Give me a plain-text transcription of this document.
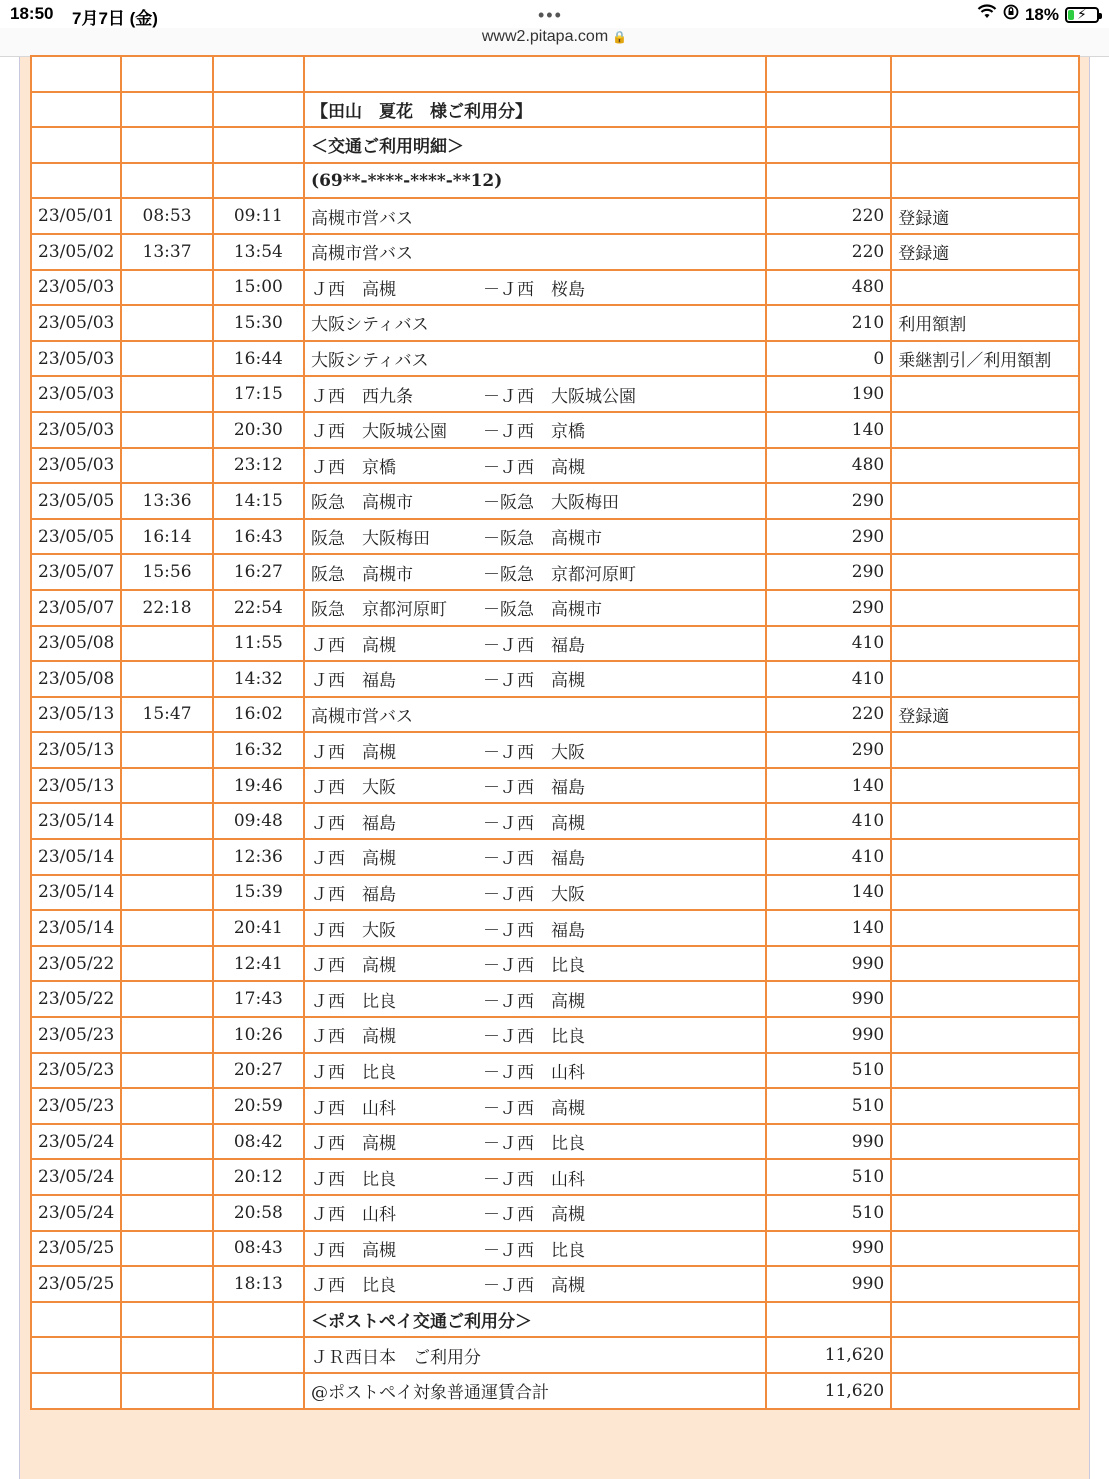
18:50 7月7日 (金)	•••	18% ⚡
www2.pitapa.com 🔒

			【田山　夏花　様ご利用分】		
			＜交通ご利用明細＞		
			(69**-****-****-**12)		
23/05/01	08:53	09:11	高槻市営バス	220	登録適
23/05/02	13:37	13:54	高槻市営バス	220	登録適
23/05/03		15:00	Ｊ西　高槻 －Ｊ西　桜島	480	
23/05/03		15:30	大阪シティバス	210	利用額割
23/05/03		16:44	大阪シティバス	0	乗継割引／利用額割
23/05/03		17:15	Ｊ西　西九条 －Ｊ西　大阪城公園	190	
23/05/03		20:30	Ｊ西　大阪城公園 －Ｊ西　京橋	140	
23/05/03		23:12	Ｊ西　京橋 －Ｊ西　高槻	480	
23/05/05	13:36	14:15	阪急　高槻市 －阪急　大阪梅田	290	
23/05/05	16:14	16:43	阪急　大阪梅田 －阪急　高槻市	290	
23/05/07	15:56	16:27	阪急　高槻市 －阪急　京都河原町	290	
23/05/07	22:18	22:54	阪急　京都河原町 －阪急　高槻市	290	
23/05/08		11:55	Ｊ西　高槻 －Ｊ西　福島	410	
23/05/08		14:32	Ｊ西　福島 －Ｊ西　高槻	410	
23/05/13	15:47	16:02	高槻市営バス	220	登録適
23/05/13		16:32	Ｊ西　高槻 －Ｊ西　大阪	290	
23/05/13		19:46	Ｊ西　大阪 －Ｊ西　福島	140	
23/05/14		09:48	Ｊ西　福島 －Ｊ西　高槻	410	
23/05/14		12:36	Ｊ西　高槻 －Ｊ西　福島	410	
23/05/14		15:39	Ｊ西　福島 －Ｊ西　大阪	140	
23/05/14		20:41	Ｊ西　大阪 －Ｊ西　福島	140	
23/05/22		12:41	Ｊ西　高槻 －Ｊ西　比良	990	
23/05/22		17:43	Ｊ西　比良 －Ｊ西　高槻	990	
23/05/23		10:26	Ｊ西　高槻 －Ｊ西　比良	990	
23/05/23		20:27	Ｊ西　比良 －Ｊ西　山科	510	
23/05/23		20:59	Ｊ西　山科 －Ｊ西　高槻	510	
23/05/24		08:42	Ｊ西　高槻 －Ｊ西　比良	990	
23/05/24		20:12	Ｊ西　比良 －Ｊ西　山科	510	
23/05/24		20:58	Ｊ西　山科 －Ｊ西　高槻	510	
23/05/25		08:43	Ｊ西　高槻 －Ｊ西　比良	990	
23/05/25		18:13	Ｊ西　比良 －Ｊ西　高槻	990	
			＜ポストペイ交通ご利用分＞		
			ＪＲ西日本　ご利用分	11,620	
			@ポストペイ対象普通運賃合計	11,620	
